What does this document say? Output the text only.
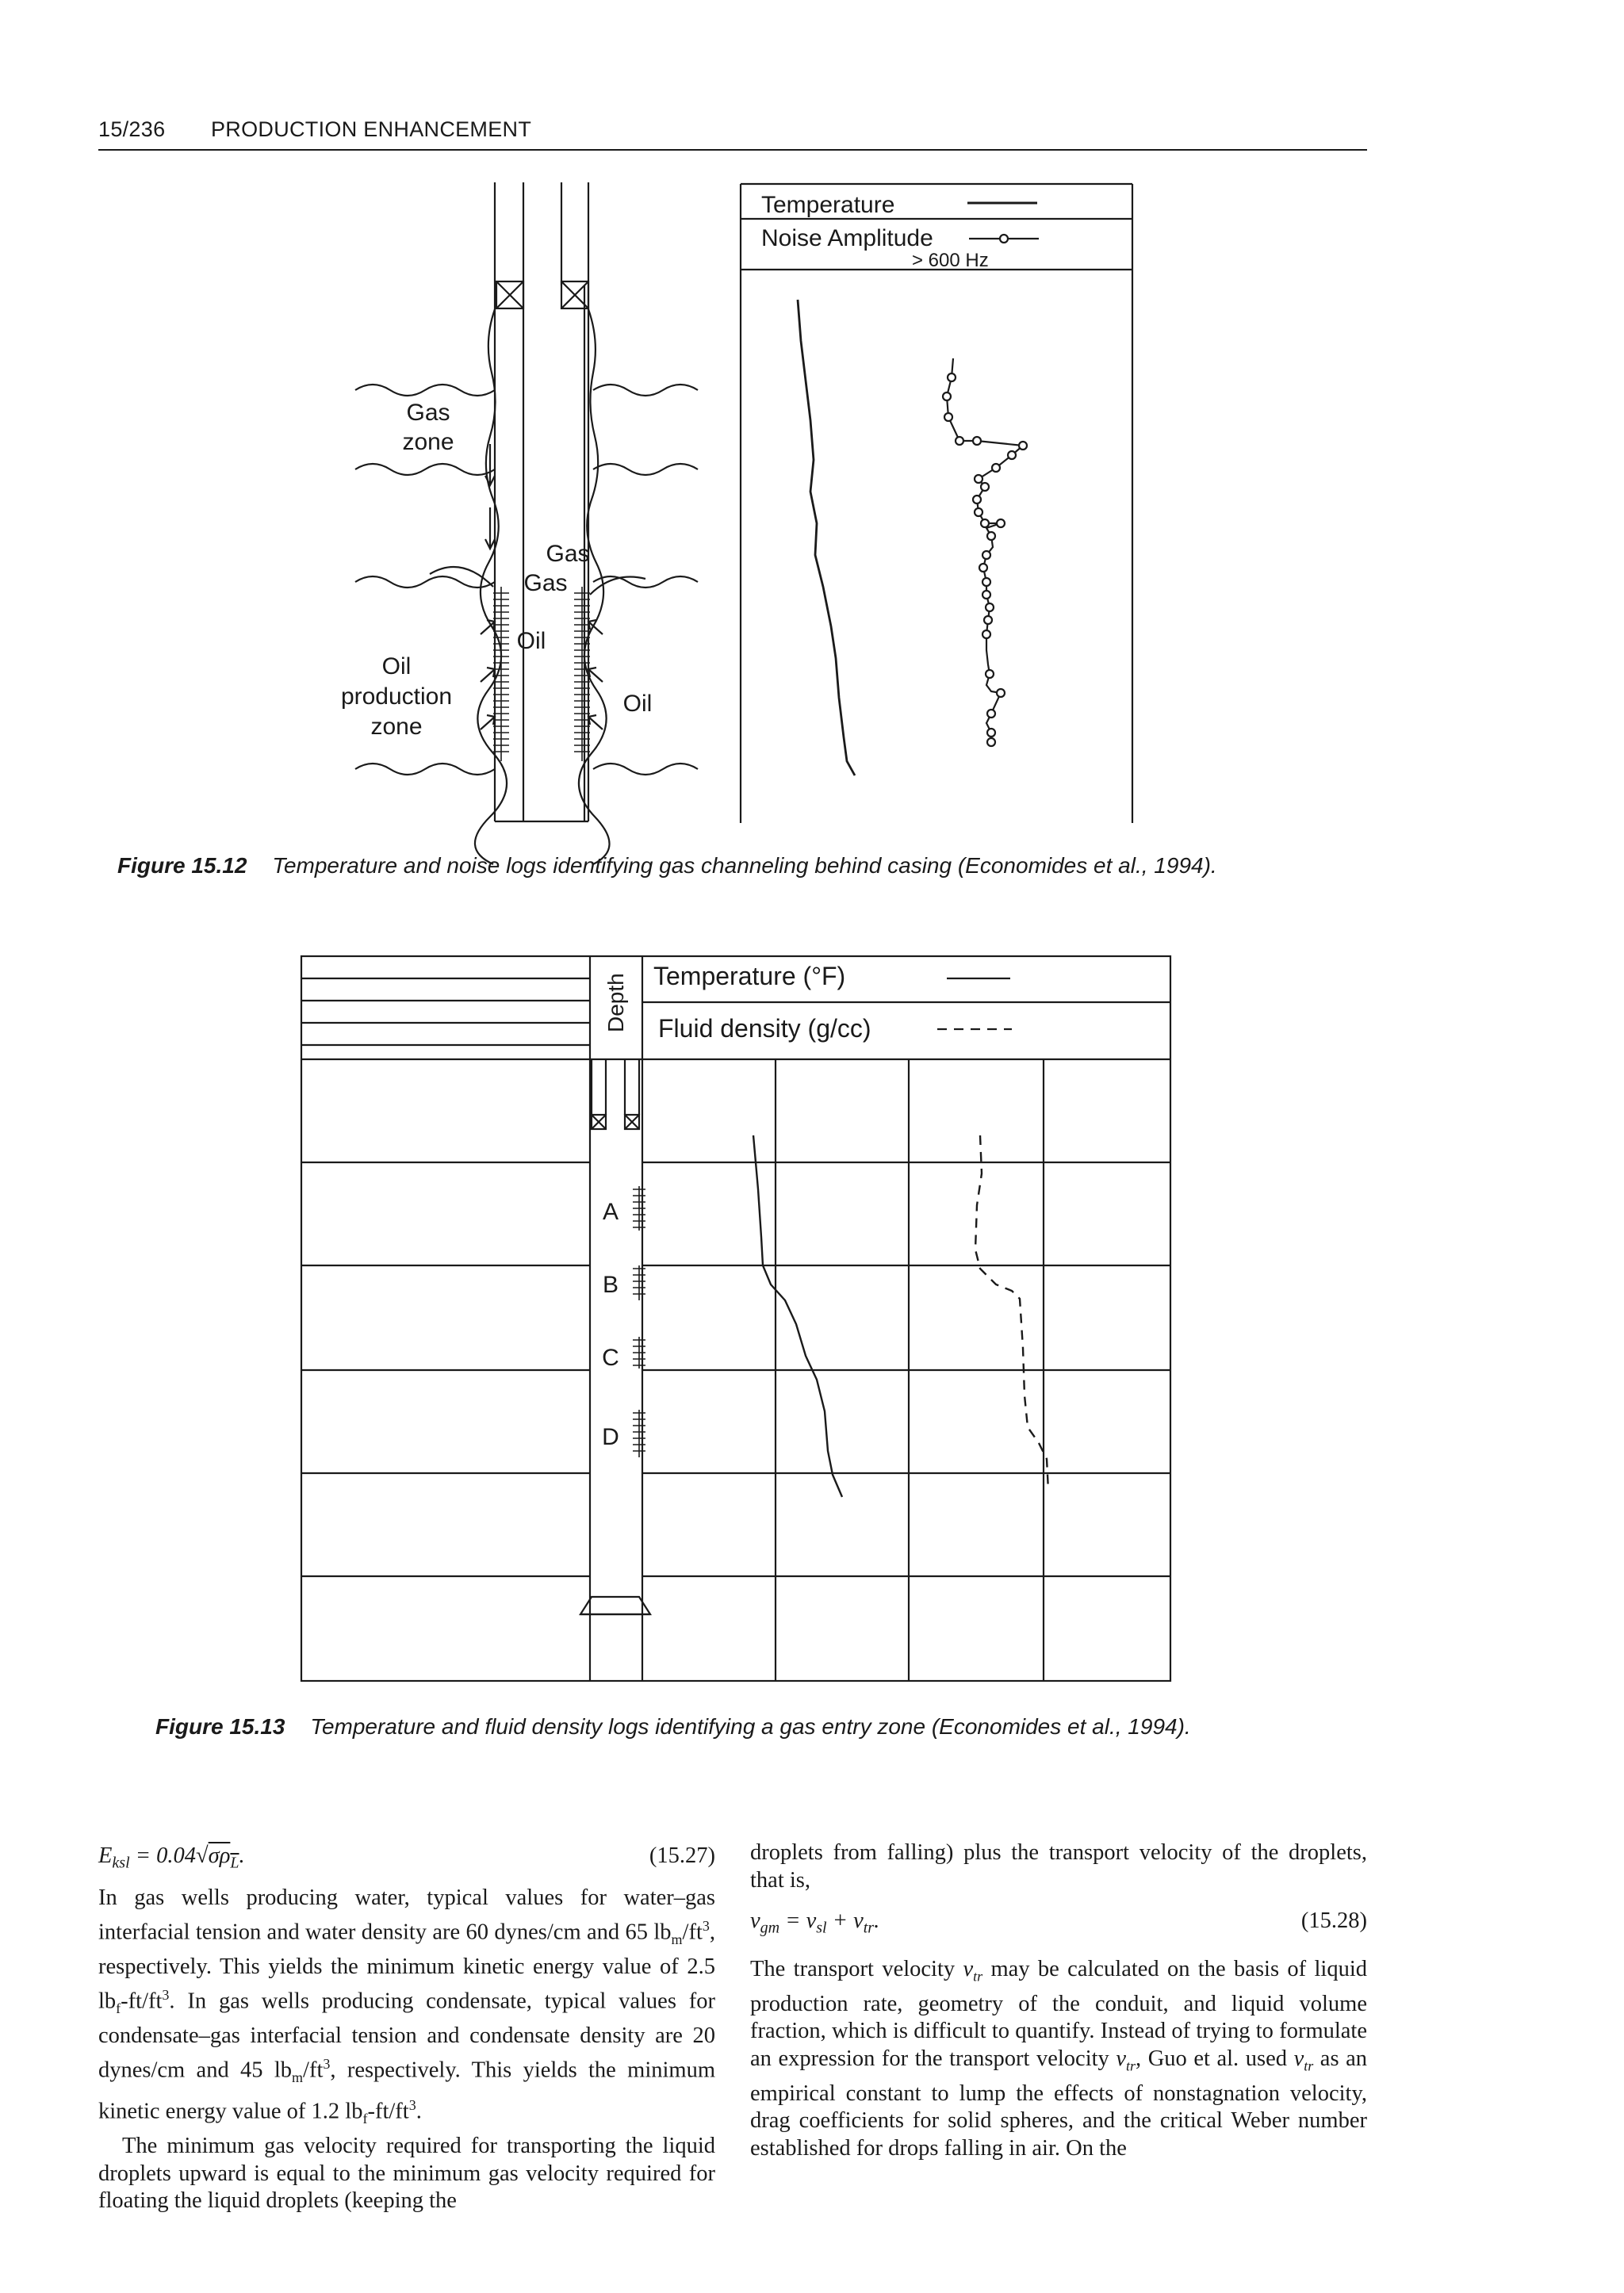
15/236 PRODUCTION ENHANCEMENT
Gas
zone
Gas
Gas
Oil
Oil
Oil
production
zone
Temperature
Noise Amplitude
> 600 Hz
Figure 15.12 Temperature and noise logs identifying gas channeling behind casing (Economides et al., 1994).
Depth Temperature (°F)
Fluid density (g/cc)
A
B
C
D
Figure 15.13 Temperature and fluid density logs identifying a gas entry zone (Economides et al., 1994).
$E_{ksl} = 0.04√\sigma\rho_L$.	(15.27)

In gas wells producing water, typical values for water–gas interfacial tension and water density are 60 dynes/cm and 65 $lb_m/ft^3$, respectively. This yields the minimum kinetic energy value of 2.5 $lb_f-ft/ft^3$. In gas wells producing condensate, typical values for condensate–gas interfacial tension and condensate density are 20 dynes/cm and 45 $lb_m/ft^3$, respectively. This yields the minimum kinetic energy value of 1.2 $lb_f-ft/ft^3$.

The minimum gas velocity required for transporting the liquid droplets upward is equal to the minimum gas velocity required for floating the liquid droplets (keeping the

droplets from falling) plus the transport velocity of the droplets, that is,

$v_{gm} = v_{sl} + v_{tr}$.	(15.28)

The transport velocity $v_{tr}$ may be calculated on the basis of liquid production rate, geometry of the conduit, and liquid volume fraction, which is difficult to quantify. Instead of trying to formulate an expression for the transport velocity $v_{tr}$, Guo et al. used $v_{tr}$ as an empirical constant to lump the effects of nonstagnation velocity, drag coefficients for solid spheres, and the critical Weber number established for drops falling in air. On the
